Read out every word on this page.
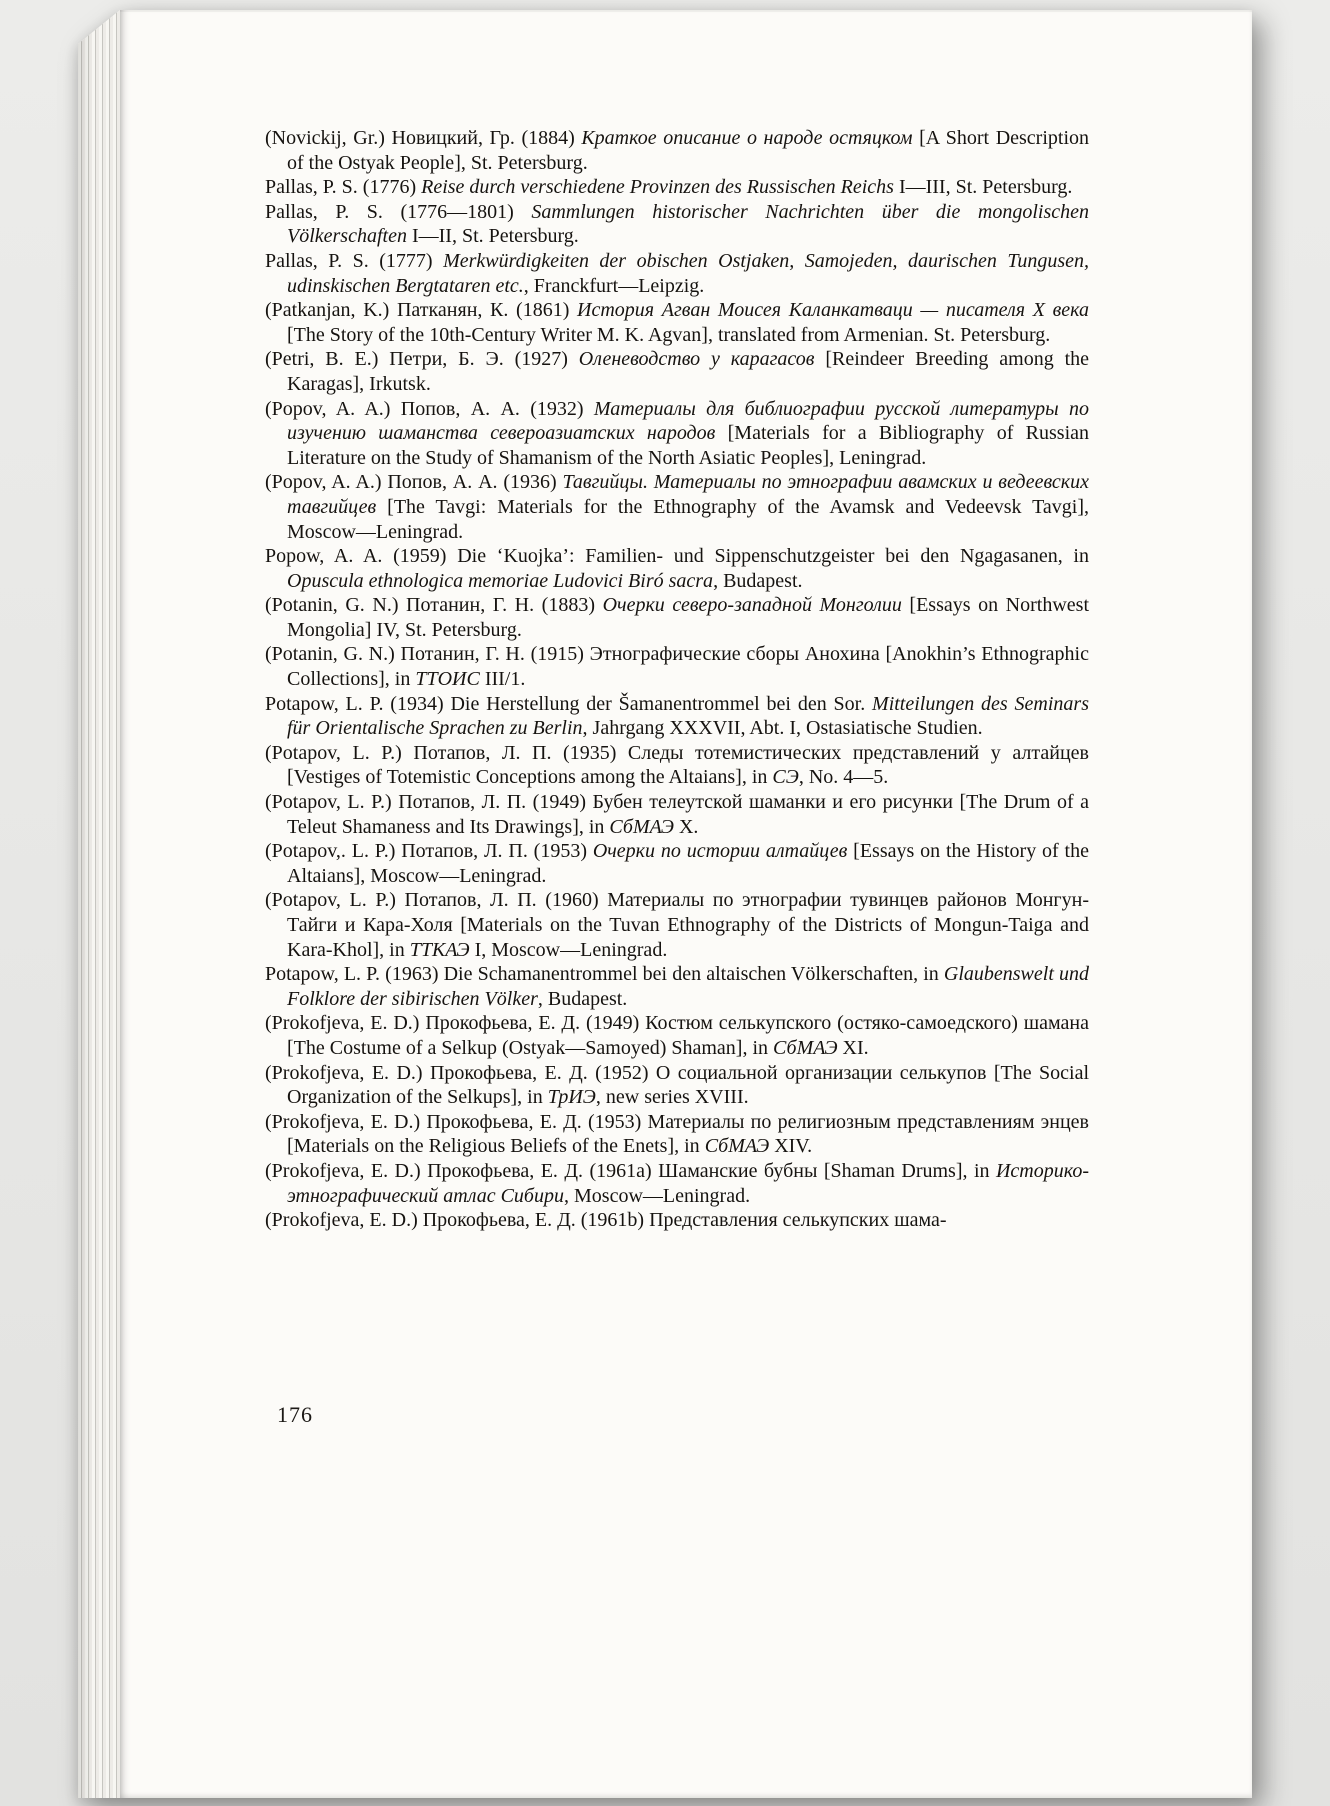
(Novickij, Gr.) Новицкий, Гр. (1884) Краткое описание о народе остяцком [A Short Description of the Ostyak People], St. Petersburg.

Pallas, P. S. (1776) Reise durch verschiedene Provinzen des Russischen Reichs I—III, St. Petersburg.

Pallas, P. S. (1776—1801) Sammlungen historischer Nachrichten über die mongolischen Völkerschaften I—II, St. Petersburg.

Pallas, P. S. (1777) Merkwürdigkeiten der obischen Ostjaken, Samojeden, daurischen Tungusen, udinskischen Bergtataren etc., Franckfurt—Leipzig.

(Patkanjan, K.) Патканян, К. (1861) История Агван Моисея Каланкатваци — писателя X века [The Story of the 10th-Century Writer M. K. Agvan], translated from Armenian. St. Petersburg.

(Petri, B. E.) Петри, Б. Э. (1927) Оленеводство у карагасов [Reindeer Breeding among the Karagas], Irkutsk.

(Popov, A. A.) Попов, А. А. (1932) Материалы для библиографии русской литературы по изучению шаманства североазиатских народов [Materials for a Bibliography of Russian Literature on the Study of Shamanism of the North Asiatic Peoples], Leningrad.

(Popov, A. A.) Попов, А. А. (1936) Тавгийцы. Материалы по этнографии авамских и ведеевских тавгийцев [The Tavgi: Materials for the Ethnography of the Avamsk and Vedeevsk Tavgi], Moscow—Leningrad.

Popow, A. A. (1959) Die ‘Kuojka’: Familien- und Sippenschutzgeister bei den Ngagasanen, in Opuscula ethnologica memoriae Ludovici Biró sacra, Budapest.

(Potanin, G. N.) Потанин, Г. Н. (1883) Очерки северо-западной Монголии [Essays on Northwest Mongolia] IV, St. Petersburg.

(Potanin, G. N.) Потанин, Г. Н. (1915) Этнографические сборы Анохина [Anokhin’s Ethnographic Collections], in ТТОИС III/1.

Potapow, L. P. (1934) Die Herstellung der Šamanentrommel bei den Sor. Mitteilungen des Seminars für Orientalische Sprachen zu Berlin, Jahrgang XXXVII, Abt. I, Ostasiatische Studien.

(Potapov, L. P.) Потапов, Л. П. (1935) Следы тотемистических представлений у алтайцев [Vestiges of Totemistic Conceptions among the Altaians], in СЭ, No. 4—5.

(Potapov, L. P.) Потапов, Л. П. (1949) Бубен телеутской шаманки и его рисунки [The Drum of a Teleut Shamaness and Its Drawings], in СбМАЭ X.

(Potapov,. L. P.) Потапов, Л. П. (1953) Очерки по истории алтайцев [Essays on the History of the Altaians], Moscow—Leningrad.

(Potapov, L. P.) Потапов, Л. П. (1960) Материалы по этнографии тувинцев районов Монгун-Тайги и Кара-Холя [Materials on the Tuvan Ethnography of the Districts of Mongun-Taiga and Kara-Khol], in ТТКАЭ I, Moscow—Leningrad.

Potapow, L. P. (1963) Die Schamanentrommel bei den altaischen Völkerschaften, in Glaubenswelt und Folklore der sibirischen Völker, Budapest.

(Prokofjeva, E. D.) Прокофьева, Е. Д. (1949) Костюм селькупского (остяко-самоедского) шамана [The Costume of a Selkup (Ostyak—Samoyed) Shaman], in СбМАЭ XI.

(Prokofjeva, E. D.) Прокофьева, Е. Д. (1952) О социальной организации селькупов [The Social Organization of the Selkups], in ТрИЭ, new series XVIII.

(Prokofjeva, E. D.) Прокофьева, Е. Д. (1953) Материалы по религиозным представлениям энцев [Materials on the Religious Beliefs of the Enets], in СбМАЭ XIV.

(Prokofjeva, E. D.) Прокофьева, Е. Д. (1961a) Шаманские бубны [Shaman Drums], in Историко-этнографический атлас Сибири, Moscow—Leningrad.

(Prokofjeva, E. D.) Прокофьева, Е. Д. (1961b) Представления селькупских шама-

176
